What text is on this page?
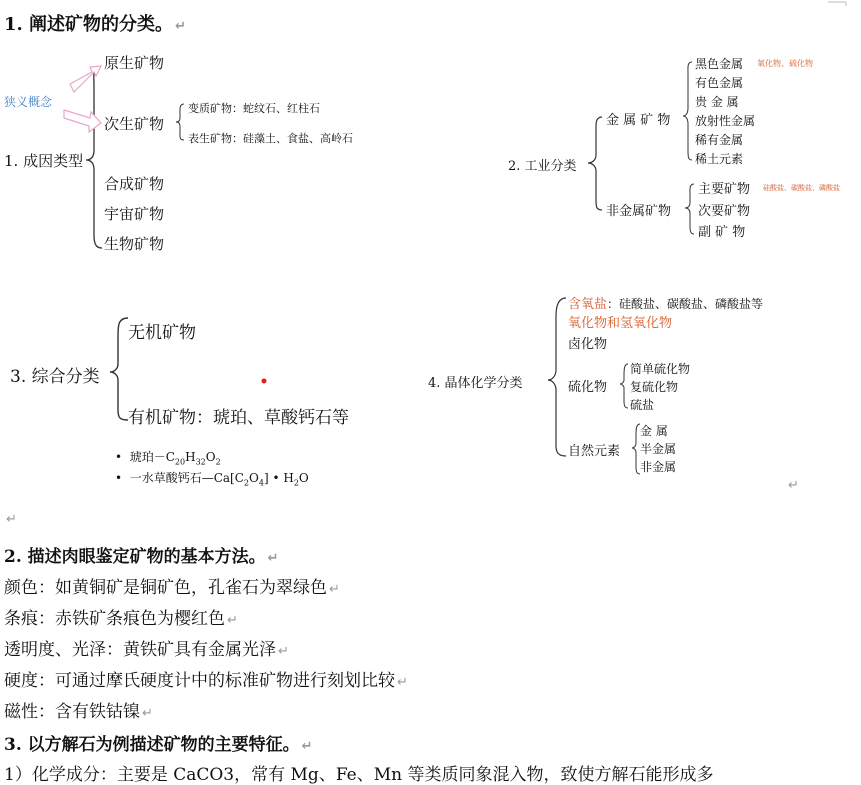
1. 阐述矿物的分类。 ↵
狭义概念
1. 成因类型
原生矿物
次生矿物
变质矿物：蛇纹石、红柱石
表生矿物：硅藻土、食盐、高岭石
合成矿物
宇宙矿物
生物矿物
2. 工业分类
金 属 矿 物
黑色金属 氧化物、硫化物
有色金属
贵 金 属
放射性金属
稀有金属
稀土元素
非金属矿物
主要矿物 硅酸盐、碳酸盐、磷酸盐
次要矿物
副 矿 物
3. 综合分类
无机矿物
有机矿物：琥珀、草酸钙石等
•  琥珀$-C_{20}H_{32}O_2$
•  一水草酸钙石$—Ca[C_2O_4]$ • $H_2O$
4. 晶体化学分类
含氧盐：硅酸盐、碳酸盐、磷酸盐等
氧化物和氢氧化物
卤化物
硫化物
简单硫化物
复硫化物
硫盐
自然元素
金 属
半金属
非金属
↵
↵
2. 描述肉眼鉴定矿物的基本方法。 ↵
颜色：如黄铜矿是铜矿色，孔雀石为翠绿色 ↵
条痕：赤铁矿条痕色为樱红色 ↵
透明度、光泽：黄铁矿具有金属光泽 ↵
硬度：可通过摩氏硬度计中的标准矿物进行刻划比较 ↵
磁性：含有铁钴镍 ↵
3. 以方解石为例描述矿物的主要特征。 ↵
1）化学成分：主要是 CaCO3，常有 Mg、Fe、Mn 等类质同象混入物，致使方解石能形成多
